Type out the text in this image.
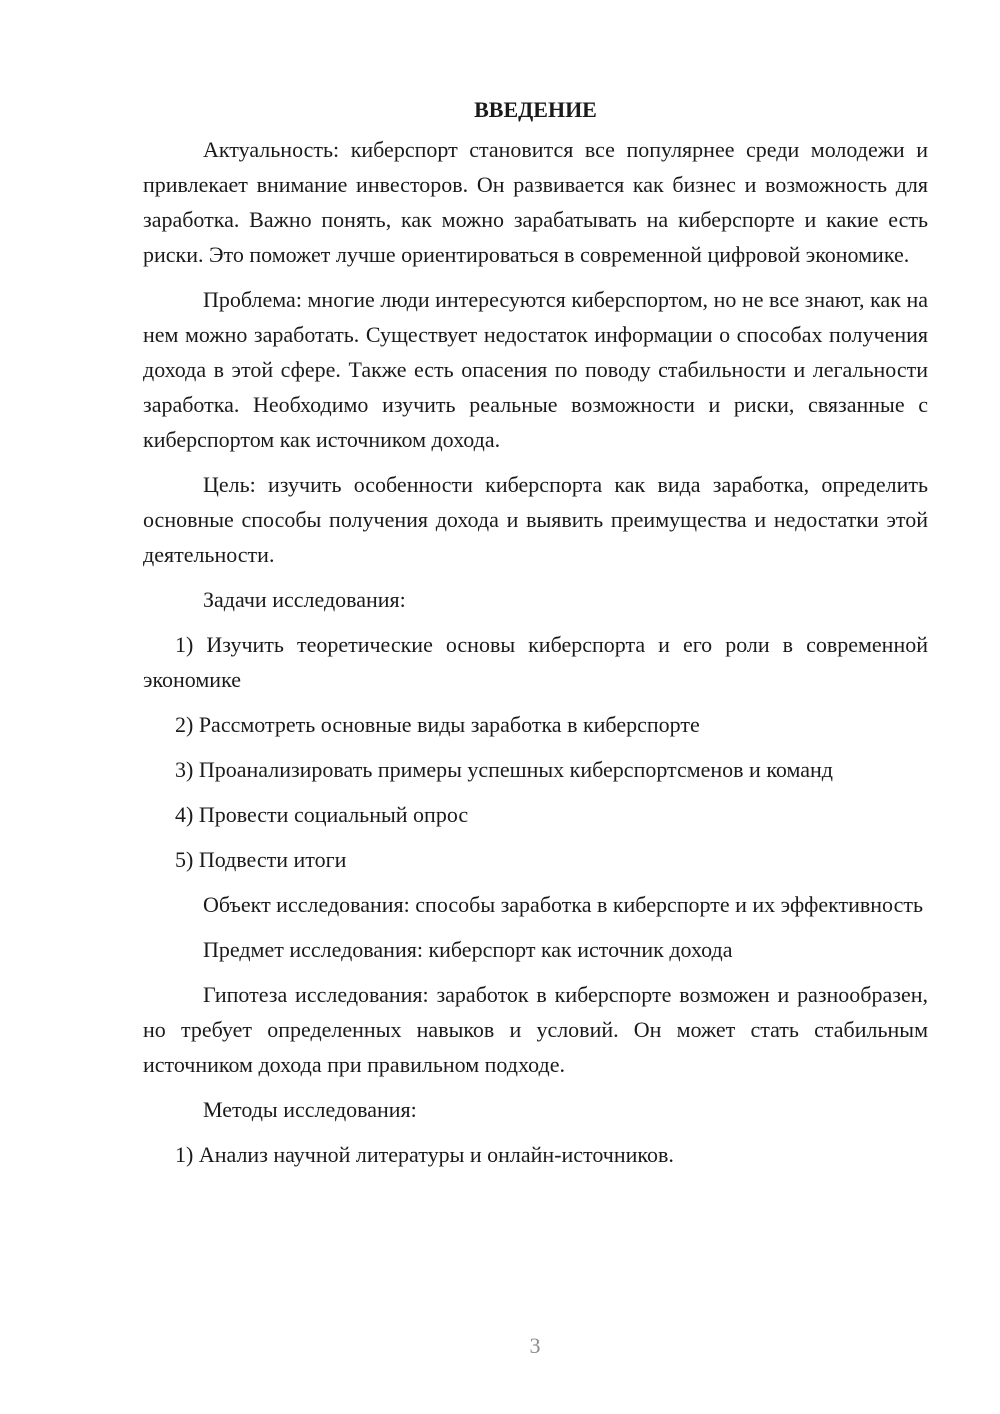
ВВЕДЕНИЕ

Актуальность: киберспорт становится все популярнее среди молодежи и привлекает внимание инвесторов. Он развивается как бизнес и возможность для заработка. Важно понять, как можно зарабатывать на киберспорте и какие есть риски. Это поможет лучше ориентироваться в современной цифровой экономике.

Проблема: многие люди интересуются киберспортом, но не все знают, как на нем можно заработать. Существует недостаток информации о способах получения дохода в этой сфере. Также есть опасения по поводу стабильности и легальности заработка. Необходимо изучить реальные возможности и риски, связанные с киберспортом как источником дохода.

Цель: изучить особенности киберспорта как вида заработка, определить основные способы получения дохода и выявить преимущества и недостатки этой деятельности.

Задачи исследования:

1) Изучить теоретические основы киберспорта и его роли в современной экономике

2) Рассмотреть основные виды заработка в киберспорте

3) Проанализировать примеры успешных киберспортсменов и команд

4) Провести социальный опрос

5) Подвести итоги

Объект исследования: способы заработка в киберспорте и их эффективность

Предмет исследования: киберспорт как источник дохода

Гипотеза исследования: заработок в киберспорте возможен и разнообразен, но требует определенных навыков и условий. Он может стать стабильным источником дохода при правильном подходе.

Методы исследования:

1) Анализ научной литературы и онлайн-источников.

3
